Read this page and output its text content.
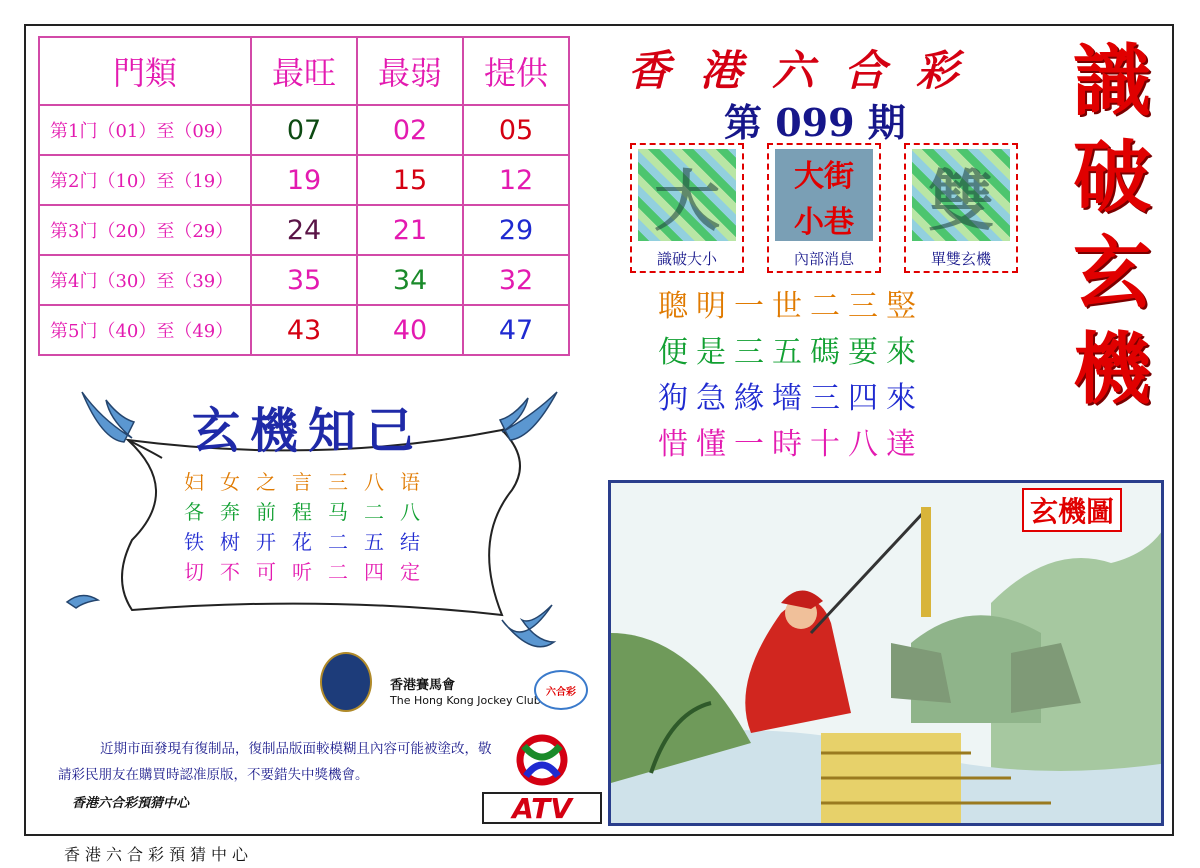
門類	最旺	最弱	提供
第1门（01）至（09）	07	02	05
第2门（10）至（19）	19	15	12
第3门（20）至（29）	24	21	29
第4门（30）至（39）	35	34	32
第5门（40）至（49）	43	40	47
香港六合彩
第 099 期 識
破
玄
機
大
識破大小
大街
小巷
內部消息
雙
單雙玄機
聰明一世二三竪
便是三五碼要來
狗急緣墻三四來
惜懂一時十八達
玄機知己
妇女之言三八语
各奔前程马二八
铁树开花二五结
切不可听二四定
香港賽馬會
The Hong Kong Jockey Club
六合彩
近期市面發現有復制品，復制品版面較模糊且內容可能被塗改，敬請彩民朋友在購買時認准原版，不要錯失中獎機會。
香港六合彩預猜中心	ATV
玄機圖
香港六合彩預猜中心
